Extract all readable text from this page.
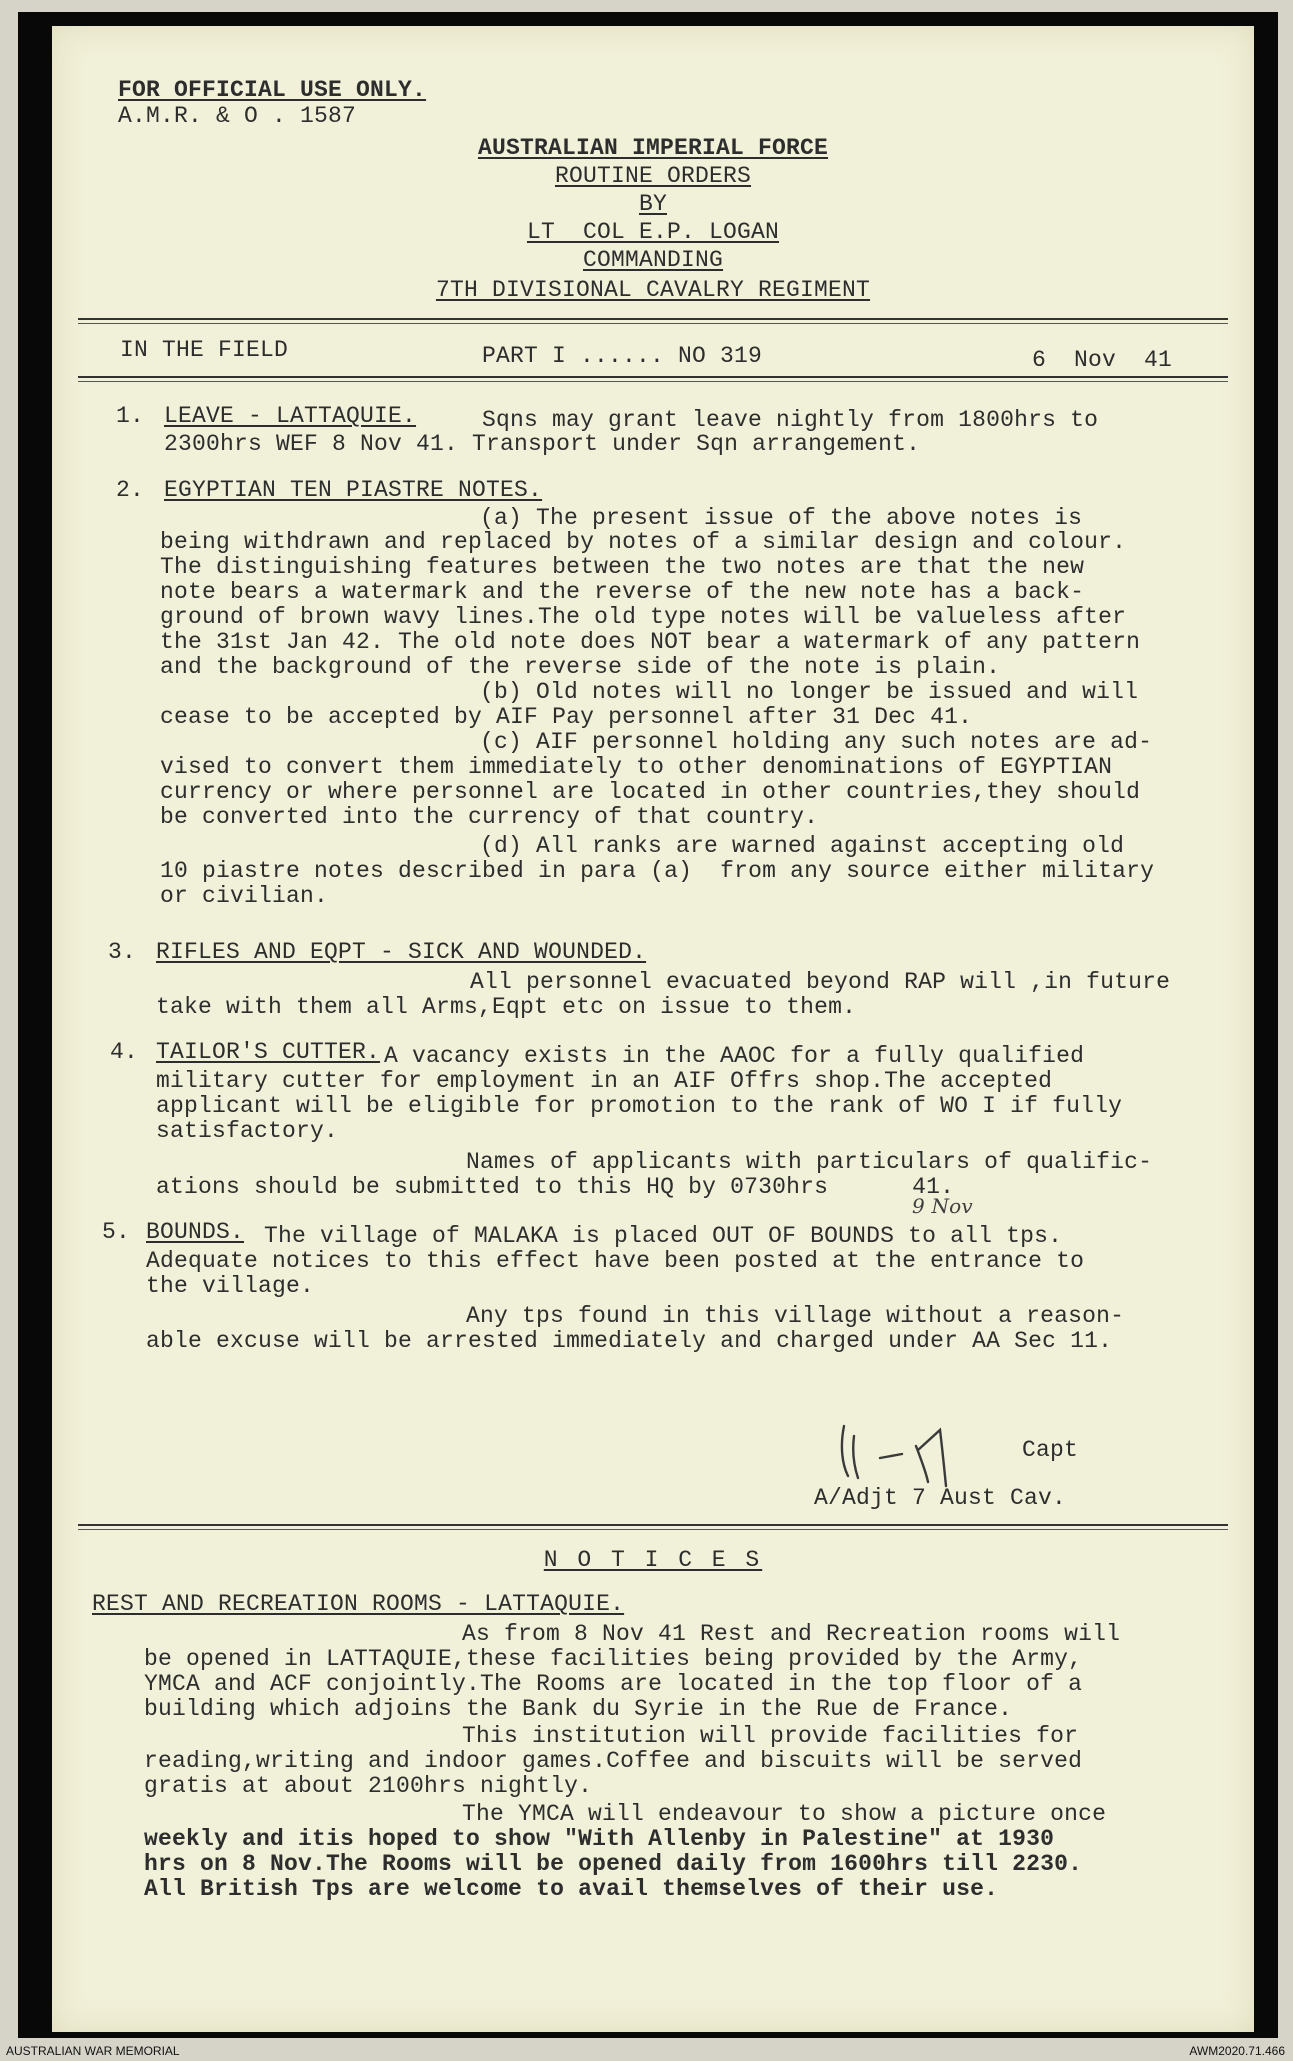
FOR OFFICIAL USE ONLY.
A.M.R. & O . 1587
AUSTRALIAN IMPERIAL FORCE
ROUTINE ORDERS
BY
LT  COL E.P. LOGAN
COMMANDING
7TH DIVISIONAL CAVALRY REGIMENT
IN THE FIELD	PART I ...... NO 319	6  Nov  41
1. LEAVE - LATTAQUIE.	Sqns may grant leave nightly from 1800hrs to
2300hrs WEF 8 Nov 41. Transport under Sqn arrangement.
2. EGYPTIAN TEN PIASTRE NOTES.
(a) The present issue of the above notes is
being withdrawn and replaced by notes of a similar design and colour.
The distinguishing features between the two notes are that the new
note bears a watermark and the reverse of the new note has a back-
ground of brown wavy lines.The old type notes will be valueless after
the 31st Jan 42. The old note does NOT bear a watermark of any pattern
and the background of the reverse side of the note is plain.
(b) Old notes will no longer be issued and will
cease to be accepted by AIF Pay personnel after 31 Dec 41.
(c) AIF personnel holding any such notes are ad-
vised to convert them immediately to other denominations of EGYPTIAN
currency or where personnel are located in other countries,they should
be converted into the currency of that country.
(d) All ranks are warned against accepting old
10 piastre notes described in para (a)  from any source either military
or civilian.
3. RIFLES AND EQPT - SICK AND WOUNDED.
All personnel evacuated beyond RAP will ,in future
take with them all Arms,Eqpt etc on issue to them.
4. TAILOR'S CUTTER. A vacancy exists in the AAOC for a fully qualified
military cutter for employment in an AIF Offrs shop.The accepted
applicant will be eligible for promotion to the rank of WO I if fully
satisfactory.
Names of applicants with particulars of qualific-
ations should be submitted to this HQ by 0730hrs      41.
9 Nov
5. BOUNDS. The village of MALAKA is placed OUT OF BOUNDS to all tps.
Adequate notices to this effect have been posted at the entrance to
the village.
Any tps found in this village without a reason-
able excuse will be arrested immediately and charged under AA Sec 11.
Capt
A/Adjt 7 Aust Cav.
N O T I C E S
REST AND RECREATION ROOMS - LATTAQUIE.
As from 8 Nov 41 Rest and Recreation rooms will
be opened in LATTAQUIE,these facilities being provided by the Army,
YMCA and ACF conjointly.The Rooms are located in the top floor of a
building which adjoins the Bank du Syrie in the Rue de France.
This institution will provide facilities for
reading,writing and indoor games.Coffee and biscuits will be served
gratis at about 2100hrs nightly.
The YMCA will endeavour to show a picture once
weekly and itis hoped to show "With Allenby in Palestine" at 1930
hrs on 8 Nov.The Rooms will be opened daily from 1600hrs till 2230.
All British Tps are welcome to avail themselves of their use.
AUSTRALIAN WAR MEMORIAL	AWM2020.71.466
